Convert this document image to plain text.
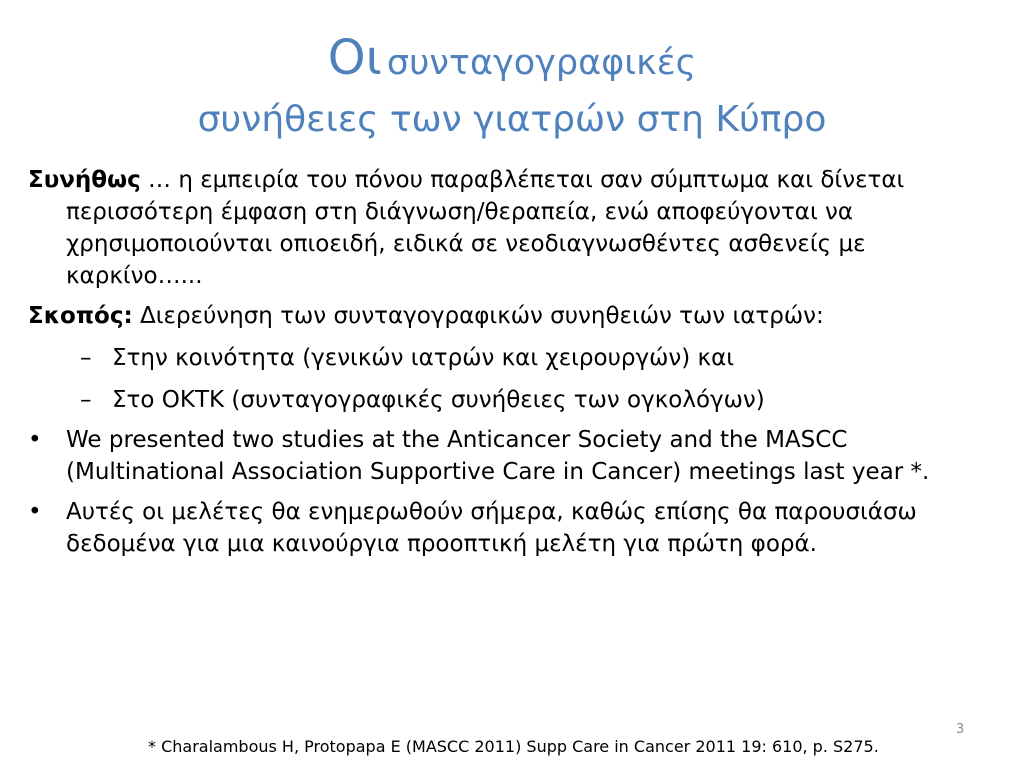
Οι συνταγογραφικές
συνήθειες των γιατρών στη Κύπρο
Συνήθως … η εμπειρία του πόνου παραβλέπεται σαν σύμπτωμα και δίνεται περισσότερη έμφαση στη διάγνωση/θεραπεία, ενώ αποφεύγονται να χρησιμοποιούνται οπιοειδή, ειδικά σε νεοδιαγνωσθέντες ασθενείς με καρκίνο…...
Σκοπός: Διερεύνηση των συνταγογραφικών συνηθειών των ιατρών:
– Στην κοινότητα (γενικών ιατρών και χειρουργών) και
– Στο ΟΚΤΚ (συνταγογραφικές συνήθειες των ογκολόγων)
• We presented two studies at the Anticancer Society and the MASCC (Multinational Association Supportive Care in Cancer) meetings last year *.
• Αυτές οι μελέτες θα ενημερωθούν σήμερα, καθώς επίσης θα παρουσιάσω δεδομένα για μια καινούργια προοπτική μελέτη για πρώτη φορά.
3
* Charalambous H, Protopapa E (MASCC 2011) Supp Care in Cancer 2011 19: 610, p. S275.
